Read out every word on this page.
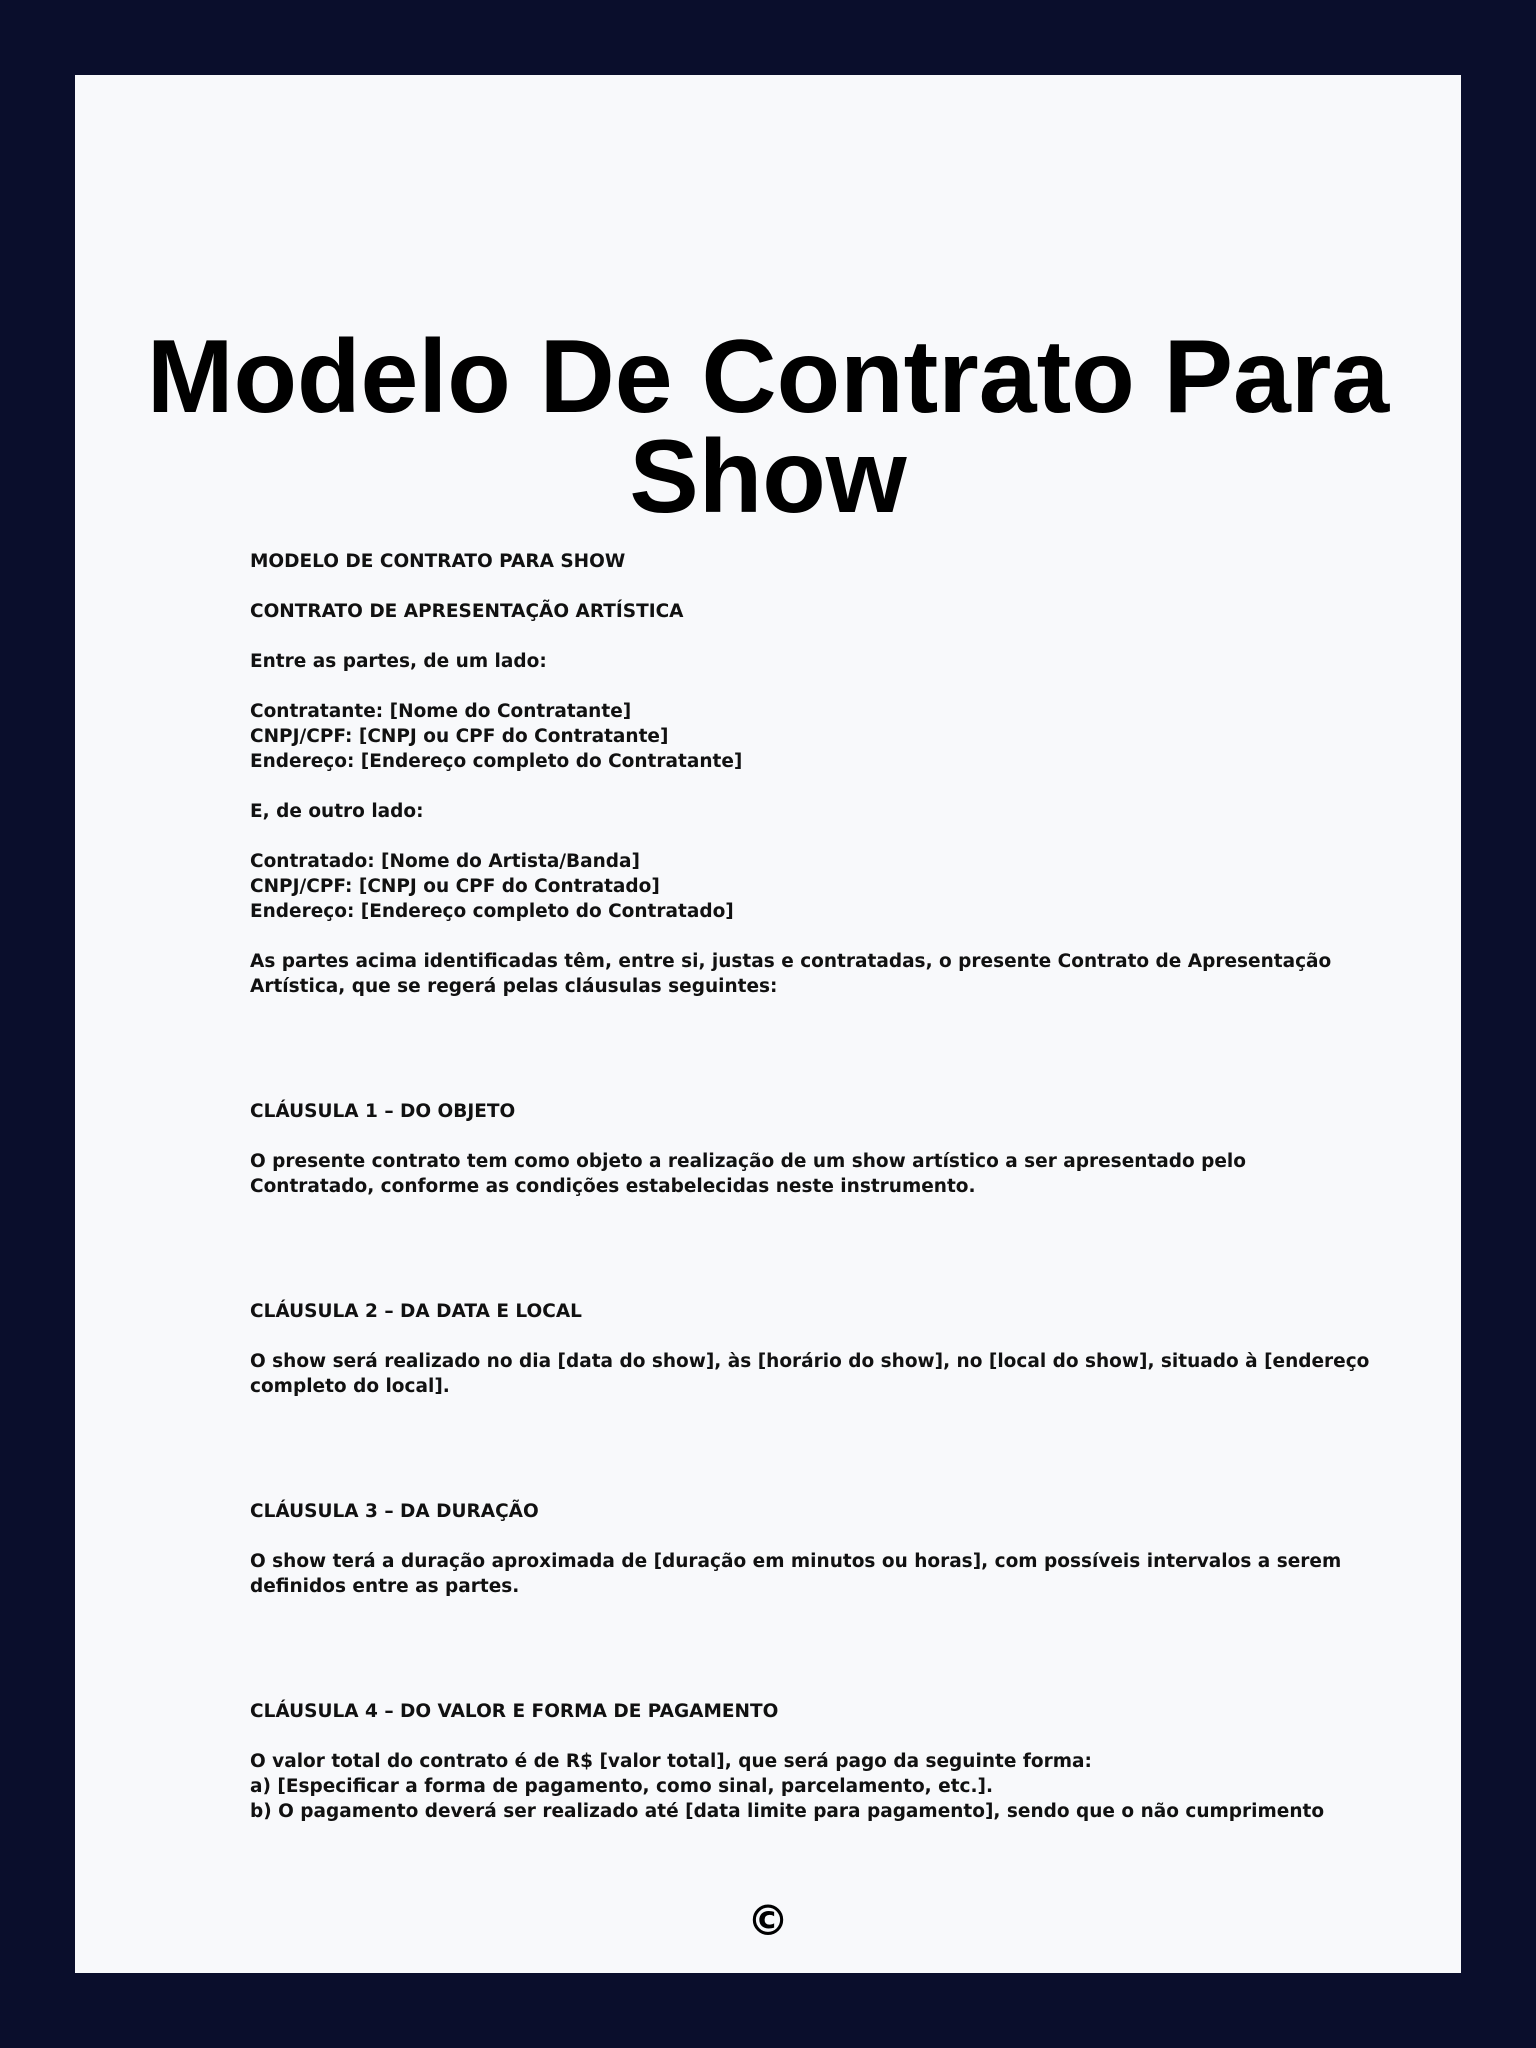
Modelo De Contrato Para Show

MODELO DE CONTRATO PARA SHOW

CONTRATO DE APRESENTAÇÃO ARTÍSTICA

Entre as partes, de um lado:

Contratante: [Nome do Contratante]
CNPJ/CPF: [CNPJ ou CPF do Contratante]
Endereço: [Endereço completo do Contratante]

E, de outro lado:

Contratado: [Nome do Artista/Banda]
CNPJ/CPF: [CNPJ ou CPF do Contratado]
Endereço: [Endereço completo do Contratado]

As partes acima identificadas têm, entre si, justas e contratadas, o presente Contrato de Apresentação Artística, que se regerá pelas cláusulas seguintes:

CLÁUSULA 1 – DO OBJETO

O presente contrato tem como objeto a realização de um show artístico a ser apresentado pelo Contratado, conforme as condições estabelecidas neste instrumento.

CLÁUSULA 2 – DA DATA E LOCAL

O show será realizado no dia [data do show], às [horário do show], no [local do show], situado à [endereço completo do local].

CLÁUSULA 3 – DA DURAÇÃO

O show terá a duração aproximada de [duração em minutos ou horas], com possíveis intervalos a serem definidos entre as partes.

CLÁUSULA 4 – DO VALOR E FORMA DE PAGAMENTO

O valor total do contrato é de R$ [valor total], que será pago da seguinte forma:
a) [Especificar a forma de pagamento, como sinal, parcelamento, etc.].
b) O pagamento deverá ser realizado até [data limite para pagamento], sendo que o não cumprimento

©
